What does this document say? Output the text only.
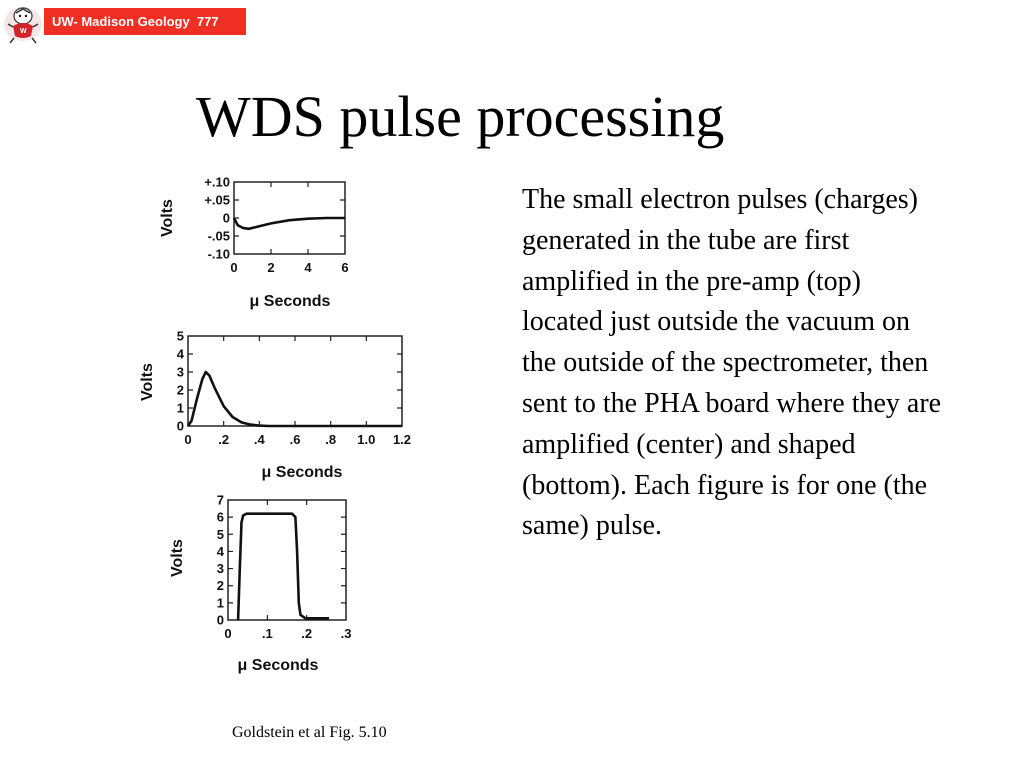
W
UW- Madison Geology  777
WDS pulse processing
+.10
+.05
0
-.05
-.10
0 2 4 6
Volts
μ Seconds
5
4
3
2
1
0
0 .2 .4 .6 .8 1.0 1.2
Volts
μ Seconds
7
6
5
4
3
2
1
0
0 .1 .2 .3
Volts
μ Seconds

The small electron pulses (charges) generated in the tube are first amplified in the pre-amp (top) located just outside the vacuum on the outside of the spectrometer, then sent to the PHA board where they are amplified (center) and shaped (bottom). Each figure is for one (the same) pulse.

Goldstein et al Fig. 5.10
